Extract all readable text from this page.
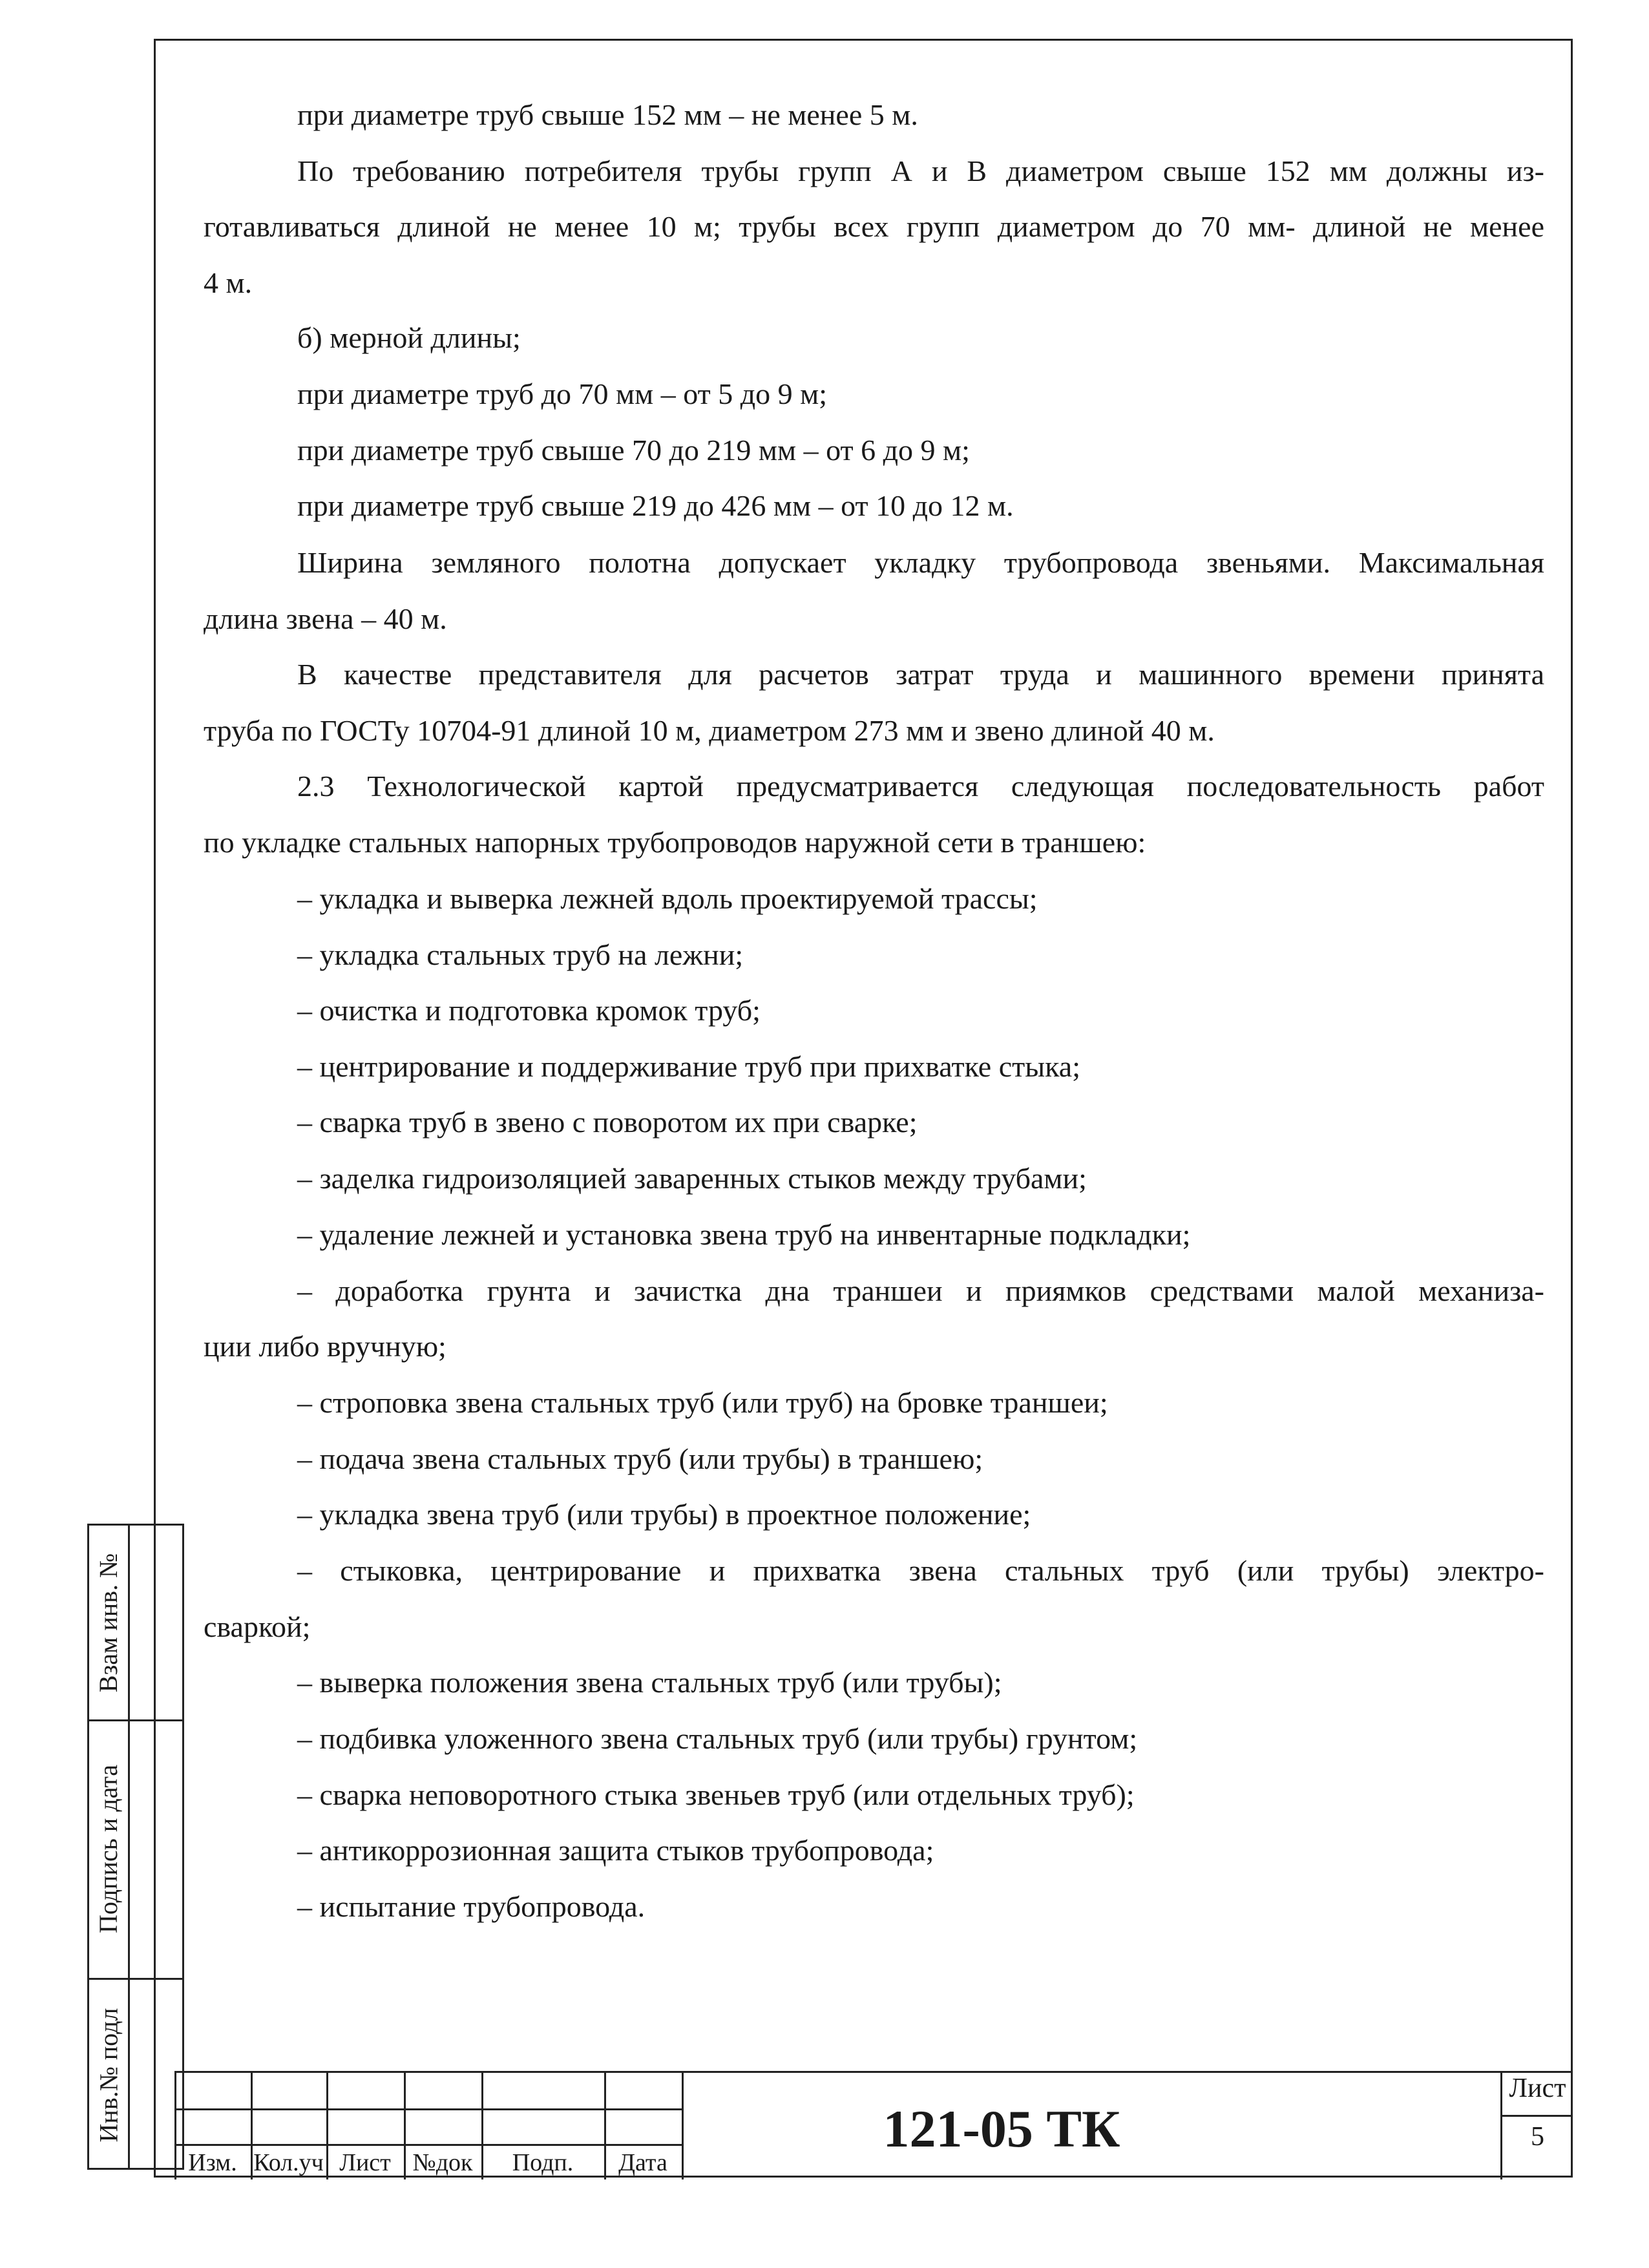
при диаметре труб свыше 152 мм – не менее 5 м.
По требованию потребителя трубы групп А и В диаметром свыше 152 мм должны из-
готавливаться длиной не менее 10 м; трубы всех групп диаметром до 70 мм- длиной не менее
4 м.
б) мерной длины;
при диаметре труб до 70 мм – от 5 до 9 м;
при диаметре труб свыше 70 до 219 мм – от 6 до 9 м;
при диаметре труб свыше 219 до 426 мм – от 10 до 12 м.
Ширина земляного полотна допускает укладку трубопровода звеньями. Максимальная
длина звена – 40 м.
В качестве представителя для расчетов затрат труда и машинного времени принята
труба по ГОСТу 10704-91 длиной 10 м, диаметром 273 мм и звено длиной 40 м.
2.3 Технологической картой предусматривается следующая последовательность работ
по укладке стальных напорных трубопроводов наружной сети в траншею:
– укладка и выверка лежней вдоль проектируемой трассы;
– укладка стальных труб на лежни;
– очистка и подготовка кромок труб;
– центрирование и поддерживание труб при прихватке стыка;
– сварка труб в звено с поворотом их при сварке;
– заделка гидроизоляцией заваренных стыков между трубами;
– удаление лежней и установка звена труб на инвентарные подкладки;
– доработка грунта и зачистка дна траншеи и приямков средствами малой механиза-
ции либо вручную;
– строповка звена стальных труб (или труб) на бровке траншеи;
– подача звена стальных труб (или трубы) в траншею;
– укладка звена труб (или трубы) в проектное положение;
– стыковка, центрирование и прихватка звена стальных труб (или трубы) электро-
сваркой;
– выверка положения звена стальных труб (или трубы);
– подбивка уложенного звена стальных труб (или трубы) грунтом;
– сварка неповоротного стыка звеньев труб (или отдельных труб);
– антикоррозионная защита стыков трубопровода;
– испытание трубопровода.
Взам инв. №
Подпись и дата
Инв.№ подл
Изм. Кол.уч Лист №док	Подп.	Дата
121-05 ТК
Лист
5
